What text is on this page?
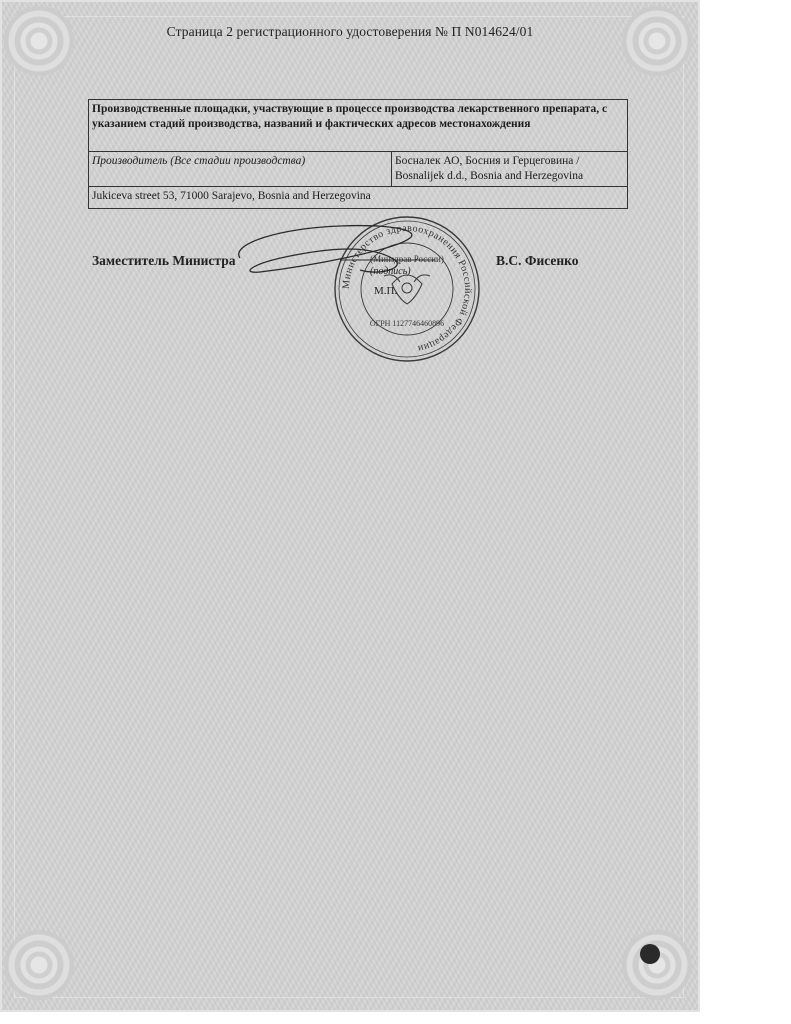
Страница 2 регистрационного удостоверения № П N014624/01
Производственные площадки, участвующие в процессе производства лекарственного препарата, с указанием стадий производства, названий и фактических адресов местонахождения
Производитель (Все стадии производства)	Босналек АО, Босния и Герцеговина / Bosnalijek d.d., Bosnia and Herzegovina
Jukiceva street 53, 71000 Sarajevo, Bosnia and Herzegovina
Министерство здравоохранения Российской Федерации
(Минздрав России)
ОГРН 1127746460896
Заместитель Министра
(подпись)
М.П.
В.С. Фисенко
